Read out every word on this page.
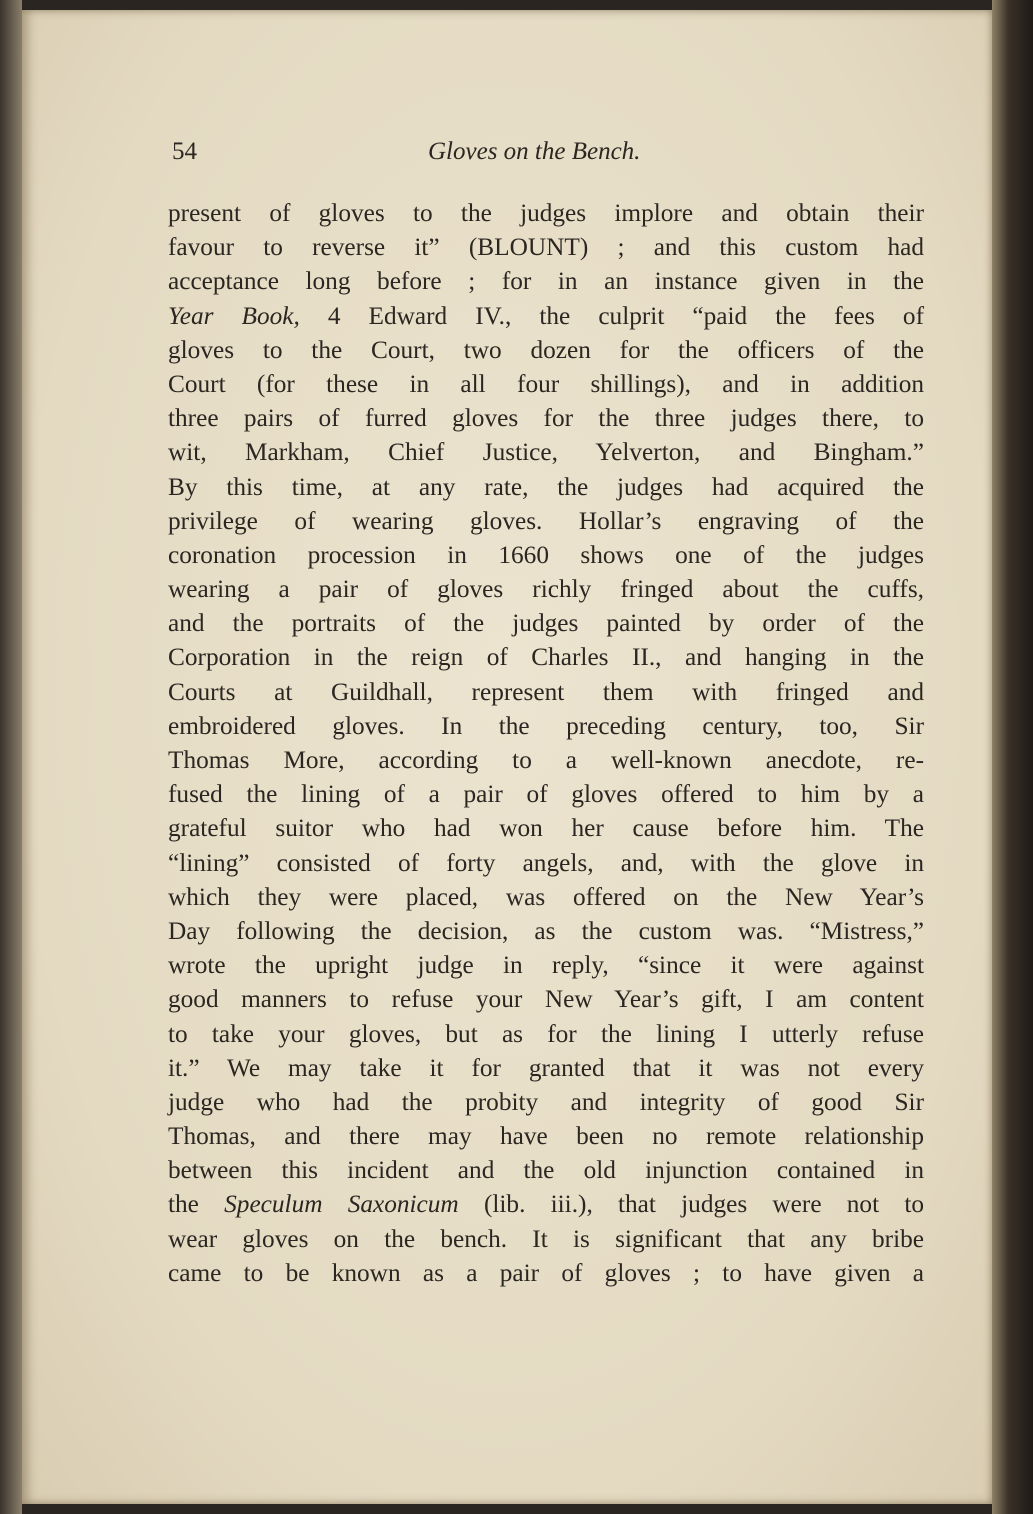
54	Gloves on the Bench.
present of gloves to the judges implore and obtain their
favour to reverse it” (BLOUNT) ; and this custom had
acceptance long before ; for in an instance given in the
Year Book, 4 Edward IV., the culprit “paid the fees of
gloves to the Court, two dozen for the officers of the
Court (for these in all four shillings), and in addition
three pairs of furred gloves for the three judges there, to
wit, Markham, Chief Justice, Yelverton, and Bingham.”
By this time, at any rate, the judges had acquired the
privilege of wearing gloves. Hollar’s engraving of the
coronation procession in 1660 shows one of the judges
wearing a pair of gloves richly fringed about the cuffs,
and the portraits of the judges painted by order of the
Corporation in the reign of Charles II., and hanging in the
Courts at Guildhall, represent them with fringed and
embroidered gloves. In the preceding century, too, Sir
Thomas More, according to a well-known anecdote, re-
fused the lining of a pair of gloves offered to him by a
grateful suitor who had won her cause before him. The
“lining” consisted of forty angels, and, with the glove in
which they were placed, was offered on the New Year’s
Day following the decision, as the custom was. “Mistress,”
wrote the upright judge in reply, “since it were against
good manners to refuse your New Year’s gift, I am content
to take your gloves, but as for the lining I utterly refuse
it.” We may take it for granted that it was not every
judge who had the probity and integrity of good Sir
Thomas, and there may have been no remote relationship
between this incident and the old injunction contained in
the Speculum Saxonicum (lib. iii.), that judges were not to
wear gloves on the bench. It is significant that any bribe
came to be known as a pair of gloves ; to have given a
